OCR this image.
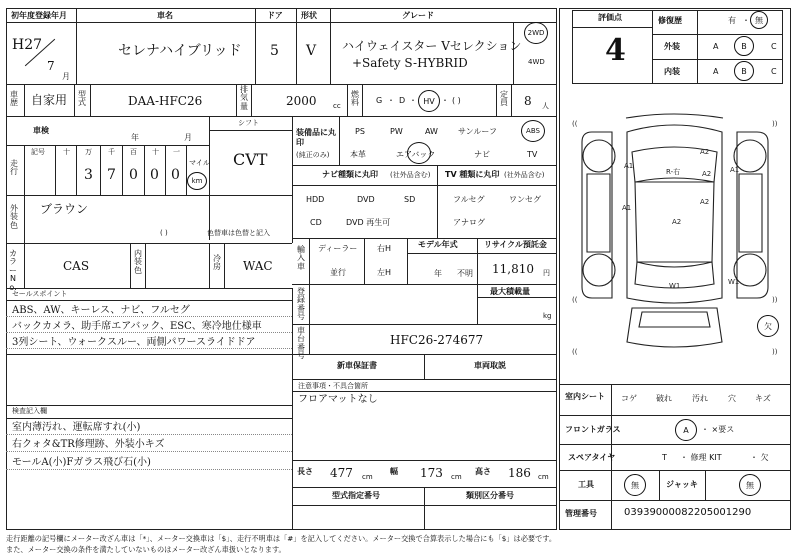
初年度登録年月
H27
7
月
車名
セレナハイブリッド
ドア
5
形状
V
グレード
ハイウェイスター Vセレクション
+Safety S-HYBRID
2WD
4WD
評価点
4
修復歴	有 ・ 無
外装	A	B	C
内装	A	B	C
車歴 自家用 型式	DAA-HFC26
排気量	2000 cc
燃料 G ・ D ・ HV ・ ( )
定員 8 人
車検
年	月
シフト
CVT
走行
記号	十 万 千 百 十 一
3 7 0 0 0
マイル
km
外装色
ブラウン
( )	色替車は色替と記入
カラーNo.
CAS
内装色
冷房 WAC
装備品に丸印
(純正のみ)
PS	PW	AW	サンルーフ	ABS
本革	エアバック	ナビ	TV
ナビ種類に丸印 (社外品含む)
HDD	DVD	SD
CD	DVD 再生可
TV 種類に丸印 (社外品含む)
フルセグ	ワンセグ
アナログ
輸入車
ディーラー
並行
右H
左H
モデル年式
年 不明
リサイクル預託金
11,810 円
セールスポイント
ABS、AW、キーレス、ナビ、フルセグ
バックカメラ、助手席エアバック、ESC、寒冷地仕様車
3列シート、ウォークスルー、両側パワースライドドア
登録番号
最大積載量
kg
車台番号
HFC26-274677
新車保証書	車両取説
注意事項・不具合箇所
フロアマットなし
検査記入欄
室内薄汚れ、運転席すれ(小)
右クォタ&TR修理跡、外装小キズ
モールA(小)Fガラス飛び石(小)
長さ 477 cm
幅 173 cm
高さ 186 cm
型式指定番号	類別区分番号
((	))
((	))
((	))
A1
A1
A2
A2
A2	A1
R-右
A2
W1	W1
欠
室内シート コゲ 破れ	汚れ	穴 キズ
フロントガラス	A ・ ×要ス
スペアタイヤ	T ・ 修理 KIT	・ 欠
工具	無	ジャッキ	無
管理番号	03939000082205001290
走行距離の記号欄にメーター改ざん車は「*」、メーター交換車は「$」、走行不明車は「#」を記入してください。メーター交換で合算表示した場合にも「$」は必要です。
また、メーター交換の条件を満たしていないものはメーター改ざん車扱いとなります。
